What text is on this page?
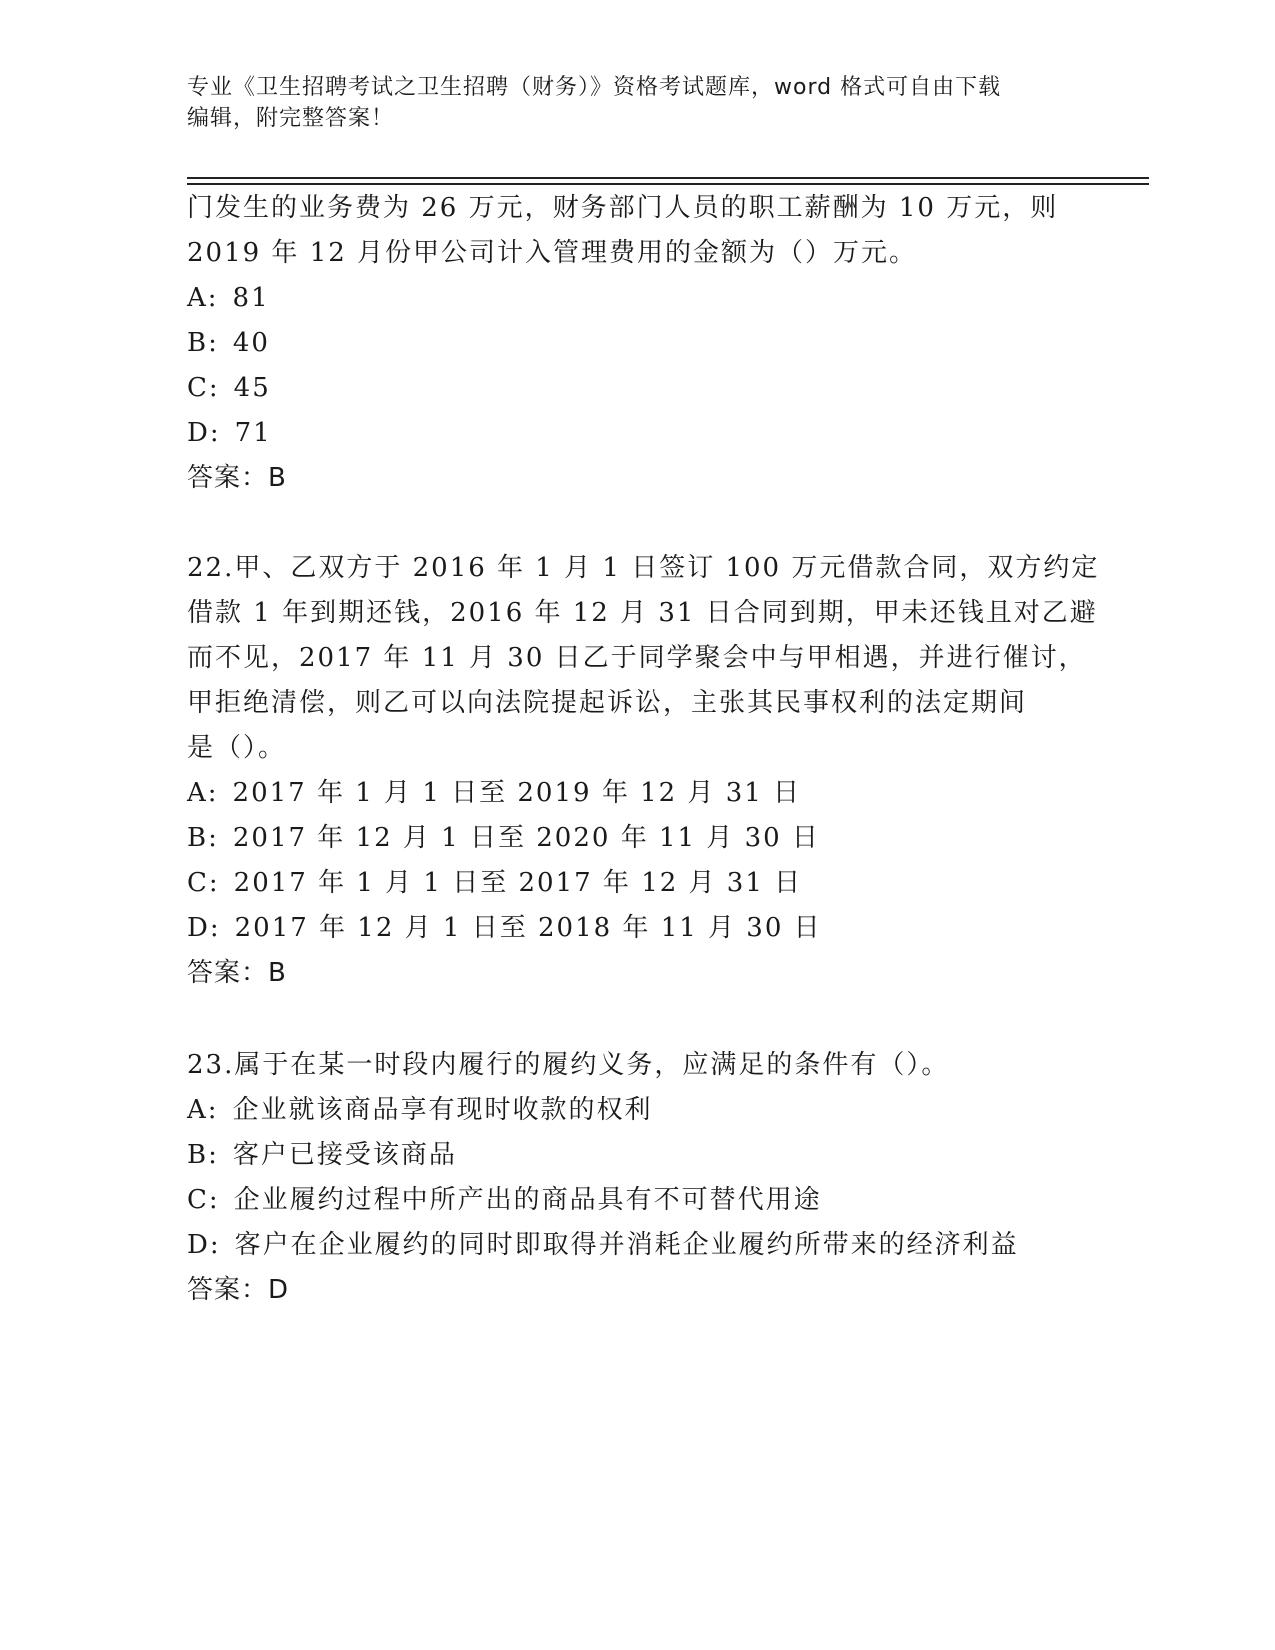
专业《卫生招聘考试之卫生招聘（财务）》资格考试题库，word 格式可自由下载
编辑，附完整答案！
门发生的业务费为 26 万元，财务部门人员的职工薪酬为 10 万元，则
2019 年 12 月份甲公司计入管理费用的金额为（）万元。
A: 81
B: 40
C: 45
D: 71
答案：B
22.甲、乙双方于 2016 年 1 月 1 日签订 100 万元借款合同，双方约定
借款 1 年到期还钱，2016 年 12 月 31 日合同到期，甲未还钱且对乙避
而不见，2017 年 11 月 30 日乙于同学聚会中与甲相遇，并进行催讨，
甲拒绝清偿，则乙可以向法院提起诉讼，主张其民事权利的法定期间
是（）。
A: 2017 年 1 月 1 日至 2019 年 12 月 31 日
B: 2017 年 12 月 1 日至 2020 年 11 月 30 日
C: 2017 年 1 月 1 日至 2017 年 12 月 31 日
D: 2017 年 12 月 1 日至 2018 年 11 月 30 日
答案：B
23.属于在某一时段内履行的履约义务，应满足的条件有（）。
A: 企业就该商品享有现时收款的权利
B: 客户已接受该商品
C: 企业履约过程中所产出的商品具有不可替代用途
D: 客户在企业履约的同时即取得并消耗企业履约所带来的经济利益
答案：D
